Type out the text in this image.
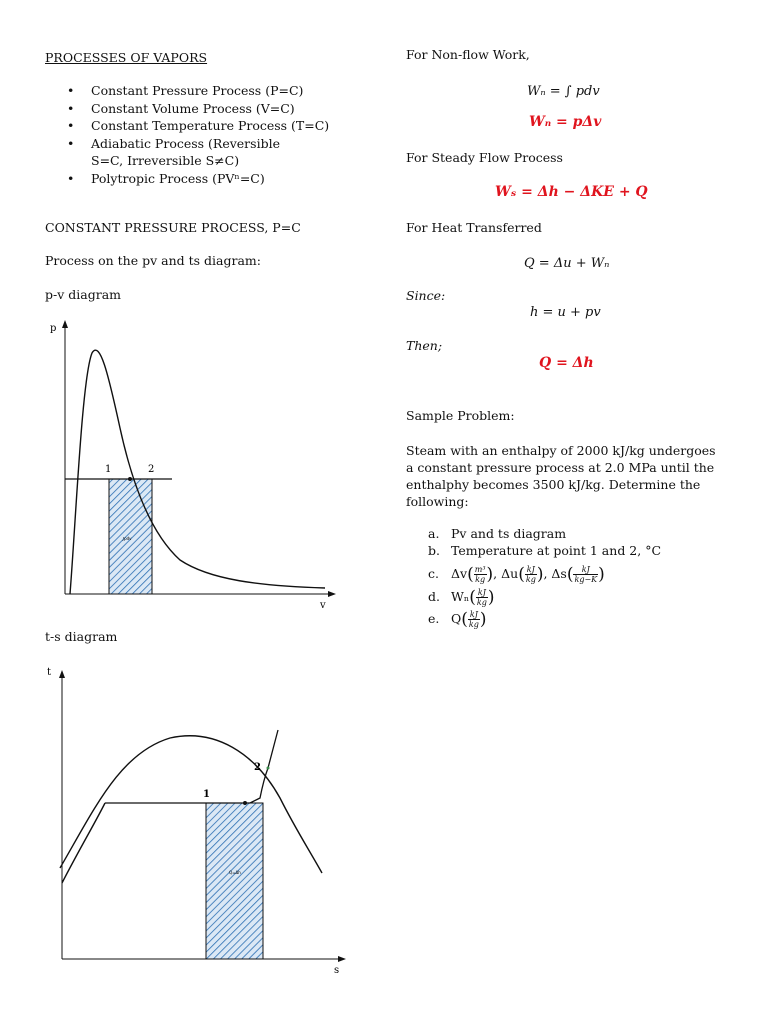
PROCESSES OF VAPORS
• Constant Pressure Process (P=C)
• Constant Volume Process (V=C)
• Constant Temperature Process (T=C)
• Adiabatic Process (Reversible S=C, Irreversible S≠C)
• Polytropic Process (PVⁿ=C)
CONSTANT PRESSURE PROCESS, P=C
Process on the pv and ts diagram:
p-v diagram
p
v
1	2
∫pdv
t-s diagram
t
s
1
2
Q=Δh
For Non-flow Work,
Wₙ = ∫ pdv
Wₙ = pΔv
For Steady Flow Process
Wₛ = Δh − ΔKE + Q
For Heat Transferred
Q = Δu + Wₙ
Since:
h = u + pv
Then;
Q = Δh
Sample Problem:
Steam with an enthalpy of 2000 kJ/kg undergoes a constant pressure process at 2.0 MPa until the enthalphy becomes 3500 kJ/kg. Determine the following:
a. Pv and ts diagram
b. Temperature at point 1 and 2, °C
c. $\Delta v( \frac{\text{m³}}{kg}$ ), $\Delta u( \frac{kJ}{kg}$ ), $\Delta s( \frac{kJ}{kg-K}$ )
d. $W_n( \frac{kJ}{kg}$ )
e. $Q( \frac{kJ}{kg}$ )
